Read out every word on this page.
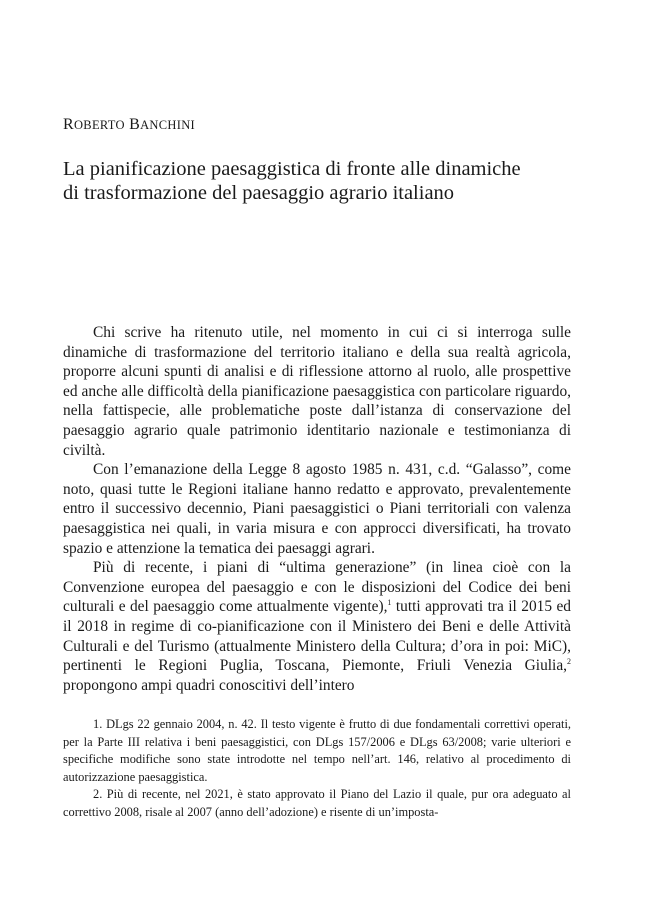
ROBERTO BANCHINI
La pianificazione paesaggistica di fronte alle dinamiche
di trasformazione del paesaggio agrario italiano

Chi scrive ha ritenuto utile, nel momento in cui ci si interroga sulle dinamiche di trasformazione del territorio italiano e della sua realtà agricola, proporre alcuni spunti di analisi e di riflessione attorno al ruolo, alle prospettive ed anche alle difficoltà della pianificazione paesaggistica con particolare riguardo, nella fattispecie, alle problematiche poste dall’istanza di conservazione del paesaggio agrario quale patrimonio identitario nazionale e testimonianza di civiltà.

Con l’emanazione della Legge 8 agosto 1985 n. 431, c.d. “Galasso”, come noto, quasi tutte le Regioni italiane hanno redatto e approvato, prevalentemente entro il successivo decennio, Piani paesaggistici o Piani territoriali con valenza paesaggistica nei quali, in varia misura e con approcci diversificati, ha trovato spazio e attenzione la tematica dei paesaggi agrari.

Più di recente, i piani di “ultima generazione” (in linea cioè con la Convenzione europea del paesaggio e con le disposizioni del Codice dei beni culturali e del paesaggio come attualmente vigente),$^1$ tutti approvati tra il 2015 ed il 2018 in regime di co-pianificazione con il Ministero dei Beni e delle Attività Culturali e del Turismo (attualmente Ministero della Cultura; d’ora in poi: MiC), pertinenti le Regioni Puglia, Toscana, Piemonte, Friuli Venezia Giulia,$^2$ propongono ampi quadri conoscitivi dell’intero

1. DLgs 22 gennaio 2004, n. 42. Il testo vigente è frutto di due fondamentali correttivi operati, per la Parte III relativa i beni paesaggistici, con DLgs 157/2006 e DLgs 63/2008; varie ulteriori e specifiche modifiche sono state introdotte nel tempo nell’art. 146, relativo al procedimento di autorizzazione paesaggistica.

2. Più di recente, nel 2021, è stato approvato il Piano del Lazio il quale, pur ora adeguato al correttivo 2008, risale al 2007 (anno dell’adozione) e risente di un’imposta-
